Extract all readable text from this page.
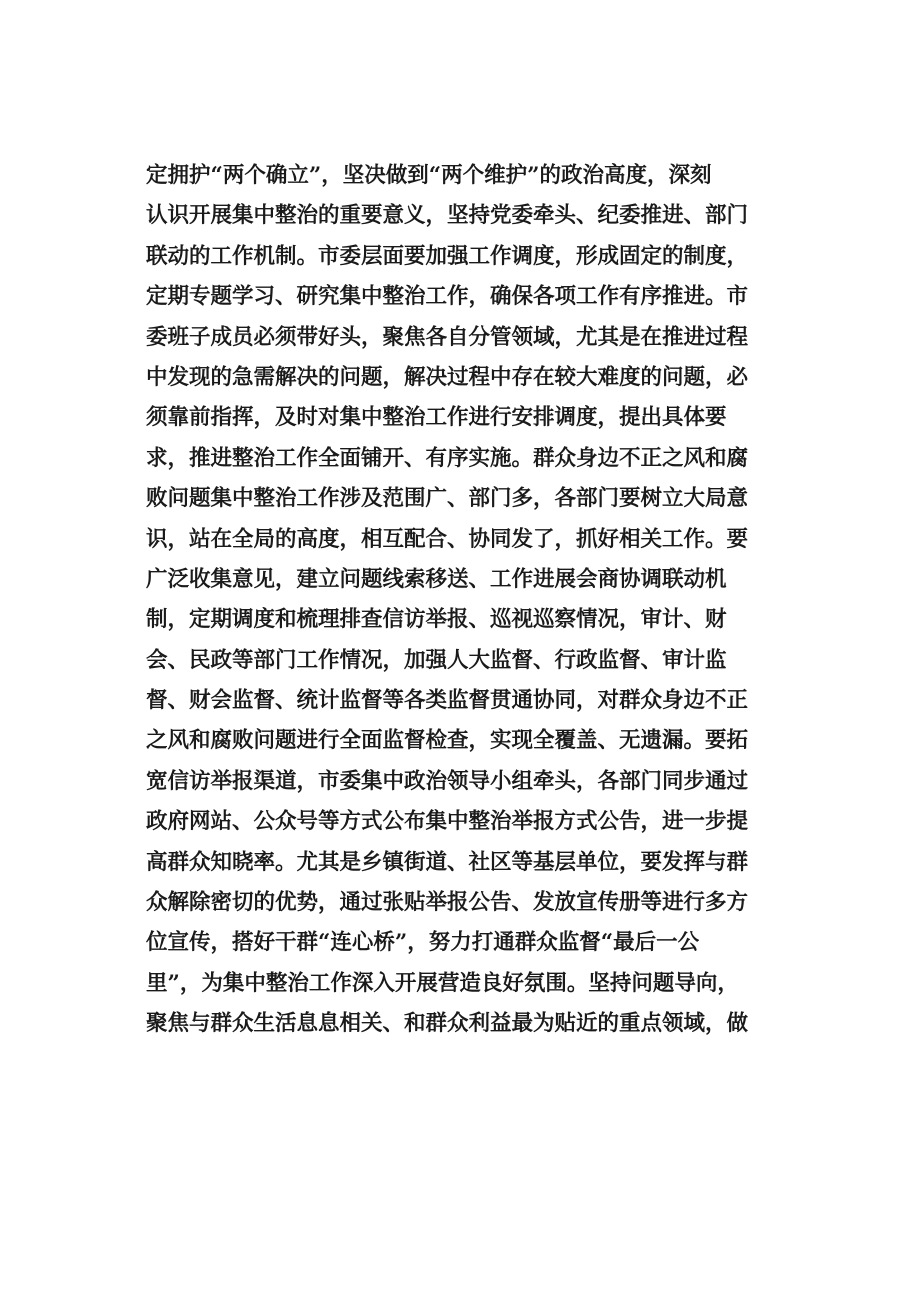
定拥护“两个确立”，坚决做到“两个维护”的政治高度，深刻
认识开展集中整治的重要意义，坚持党委牵头、纪委推进、部门
联动的工作机制。市委层面要加强工作调度，形成固定的制度，
定期专题学习、研究集中整治工作，确保各项工作有序推进。市
委班子成员必须带好头，聚焦各自分管领域，尤其是在推进过程
中发现的急需解决的问题，解决过程中存在较大难度的问题，必
须靠前指挥，及时对集中整治工作进行安排调度，提出具体要
求，推进整治工作全面铺开、有序实施。群众身边不正之风和腐
败问题集中整治工作涉及范围广、部门多，各部门要树立大局意
识，站在全局的高度，相互配合、协同发了，抓好相关工作。要
广泛收集意见，建立问题线索移送、工作进展会商协调联动机
制，定期调度和梳理排查信访举报、巡视巡察情况，审计、财
会、民政等部门工作情况，加强人大监督、行政监督、审计监
督、财会监督、统计监督等各类监督贯通协同，对群众身边不正
之风和腐败问题进行全面监督检查，实现全覆盖、无遗漏。要拓
宽信访举报渠道，市委集中政治领导小组牵头，各部门同步通过
政府网站、公众号等方式公布集中整治举报方式公告，进一步提
高群众知晓率。尤其是乡镇街道、社区等基层单位，要发挥与群
众解除密切的优势，通过张贴举报公告、发放宣传册等进行多方
位宣传，搭好干群“连心桥”，努力打通群众监督“最后一公
里”，为集中整治工作深入开展营造良好氛围。坚持问题导向，
聚焦与群众生活息息相关、和群众利益最为贴近的重点领域，做
